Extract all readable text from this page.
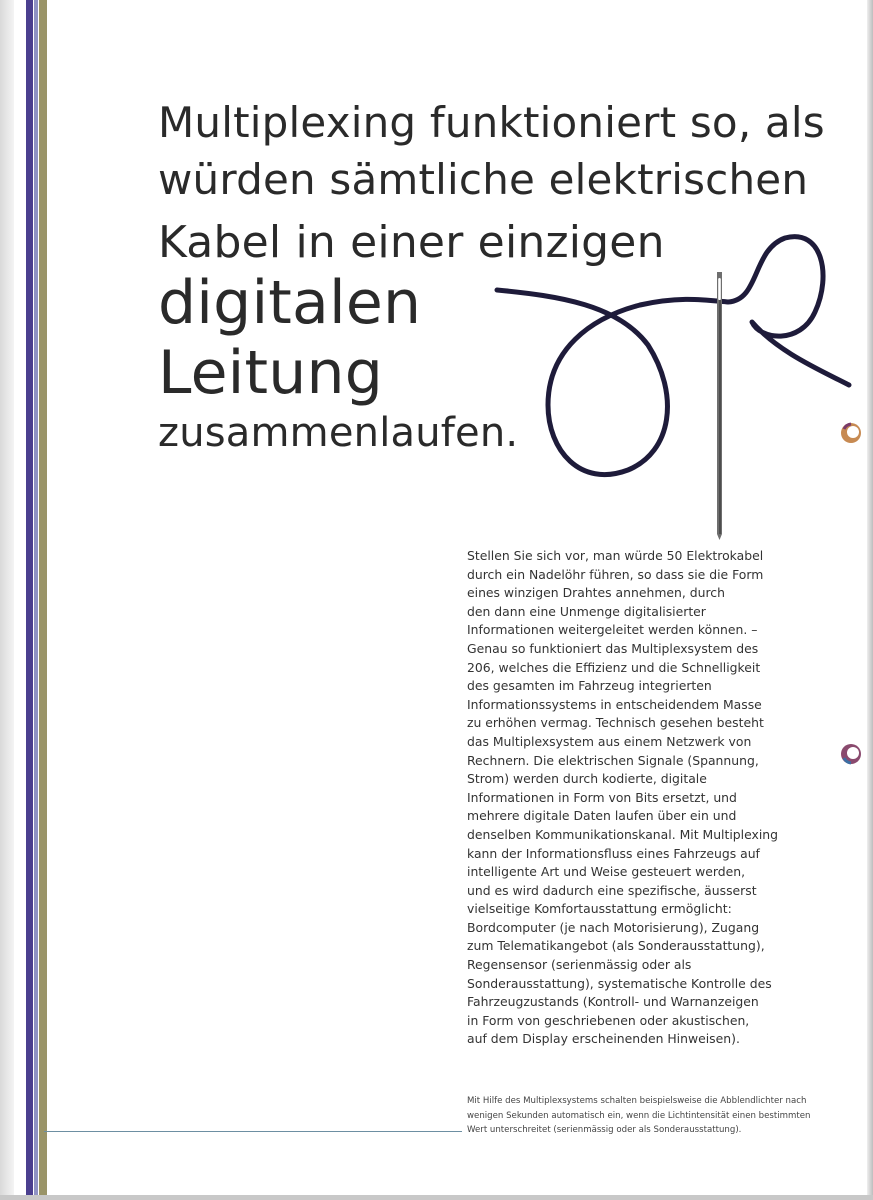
Multiplexing funktioniert so, als
würden sämtliche elektrischen
Kabel in einer einzigen
digitalen
Leitung
zusammenlaufen.

Stellen Sie sich vor, man würde 50 Elektrokabel
durch ein Nadelöhr führen, so dass sie die Form
eines winzigen Drahtes annehmen, durch
den dann eine Unmenge digitalisierter
Informationen weitergeleitet werden können. –
Genau so funktioniert das Multiplexsystem des
206, welches die Effizienz und die Schnelligkeit
des gesamten im Fahrzeug integrierten
Informationssystems in entscheidendem Masse
zu erhöhen vermag. Technisch gesehen besteht
das Multiplexsystem aus einem Netzwerk von
Rechnern. Die elektrischen Signale (Spannung,
Strom) werden durch kodierte, digitale
Informationen in Form von Bits ersetzt, und
mehrere digitale Daten laufen über ein und
denselben Kommunikationskanal. Mit Multiplexing
kann der Informationsfluss eines Fahrzeugs auf
intelligente Art und Weise gesteuert werden,
und es wird dadurch eine spezifische, äusserst
vielseitige Komfortausstattung ermöglicht:
Bordcomputer (je nach Motorisierung), Zugang
zum Telematikangebot (als Sonderausstattung),
Regensensor (serienmässig oder als
Sonderausstattung), systematische Kontrolle des
Fahrzeugzustands (Kontroll- und Warnanzeigen
in Form von geschriebenen oder akustischen,
auf dem Display erscheinenden Hinweisen).

Mit Hilfe des Multiplexsystems schalten beispielsweise die Abblendlichter nach
wenigen Sekunden automatisch ein, wenn die Lichtintensität einen bestimmten
Wert unterschreitet (serienmässig oder als Sonderausstattung).
